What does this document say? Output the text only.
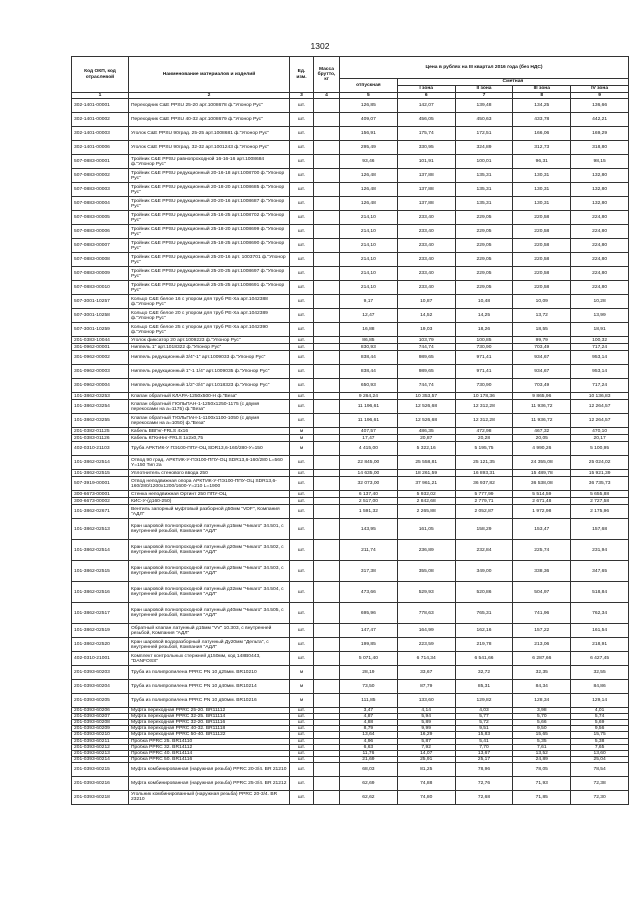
1302
Код ОКП, код отраслевой	Наименование материалов и изделий	Ед. изм.	Масса брутто, кг	Цена в рублях на III квартал 2016 года (без НДС)				
				отпускная	Сметная			
					I зона	II зона	III зона	IV зона
1	2	3	4	5	6	7	8	9
302-1401-00001	Переходник C&E PPSU 25-20 арт.1008678 ф."Упонор Рус"	шт.		126,85	142,07	139,48	134,25	136,66
302-1401-00002	Переходник C&E PPSU 40-32 арт.1008679 ф."Упонор Рус"	шт.		409,07	456,05	450,63	433,78	442,21
302-1401-00003	Уголок C&E PPSU 90град. 25-25 арт.1008681 ф."Упонор Рус"	шт.		156,91	175,74	172,51	166,06	169,29
302-1401-00006	Уголок C&E PPSU 90град. 32-32 арт.1001243 ф."Упонор Рус"	шт.		295,49	330,95	324,89	312,73	318,80
507-0883-00001	Тройник C&E PPSU равнопроходной 16-16-16 арт.1008684 ф."Упонор Рус"	шт.		93,46	101,91	100,01	96,31	98,15
507-0883-00002	Тройник C&E PPSU редукционный 20-16-18 арт.1008700 ф."Упонор Рус"	шт.		126,48	137,88	135,31	130,31	132,80
507-0883-00003	Тройник C&E PPSU редукционный 20-18-20 арт.1008685 ф."Упонор Рус"	шт.		126,48	137,88	135,31	130,31	132,80
507-0883-00004	Тройник C&E PPSU редукционный 20-20-16 арт.1008687 ф."Упонор Рус"	шт.		126,48	137,88	135,31	130,31	132,80
507-0883-00005	Тройник C&E PPSU редукционный 25-16-25 арт.1008702 ф."Упонор Рус"	шт.		214,10	233,40	229,05	220,58	224,80
507-0883-00006	Тройник C&E PPSU редукционный 25-18-20 арт.1008699 ф."Упонор Рус"	шт.		214,10	233,40	229,05	220,58	224,80
507-0883-00007	Тройник C&E PPSU редукционный 25-18-25 арт.1008690 ф."Упонор Рус"	шт.		214,10	233,40	229,05	220,58	224,80
507-0883-00008	Тройник C&E PPSU редукционный 25-20-16 арт. 1003701 ф."Упонор Рус"	шт.		214,10	233,40	229,05	220,58	224,80
507-0883-00009	Тройник C&E PPSU редукционный 25-20-25 арт.1008697 ф."Упонор Рус"	шт.		214,10	233,40	229,05	220,58	224,80
507-0883-00010	Тройник C&E PPSU редукционный 25-25-25 арт.1008691 ф."Упонор Рус"	шт.		214,10	233,40	229,05	220,58	224,80
507-3001-10257	Кольцо C&E белое 16 с упором для труб PE-Xa арт.1042388 ф."Упонор Рус"	шт.		9,17	10,87	10,48	10,09	10,28
507-3001-10258	Кольцо C&E белое 20 с упором для труб PE-Xa арт.1042389 ф."Упонор Рус"	шт.		12,47	14,52	14,25	13,72	13,99
507-3001-10259	Кольцо C&E белое 25 с упором для труб PE-Xa арт.1042390 ф."Упонор Рус"	шт.		16,88	19,03	18,26	18,55	18,91
201-0383-10044	Уголок фиксатор 20 арт.1009223 ф."Упонор Рус"	шт.		86,85	103,79	100,85	99,79	100,32
301-0962-00001	Ниппель 1" арт.1018322 ф."Упонор Рус"	шт.		830,93	744,74	730,90	703,49	717,24
301-0962-00002	Ниппель редукционный 3/4"-1" арт.1009033 ф."Упонор Рус"	шт.		838,44	989,65	971,41	934,67	953,14
301-0962-00003	Ниппель редукционный 1"-1 1/4" арт.1009035 ф."Упонор Рус"	шт.		838,44	989,65	971,41	934,67	953,14
301-0962-00004	Ниппель редукционный 1/2"-3/4" арт.1018323 ф."Упонор Рус"	шт.		650,93	744,74	730,90	703,49	717,24
101-3862-03253	Клапан обратный КЛАРА-1250х500-Н ф."Веза"	шт.		9 264,24	10 353,57	10 178,36	9 865,96	10 136,83
101-3862-03254	Клапан обратный ГЮЛЬПАН-1-1250х1250-1175 (с двумя перекосами на a=1175) ф."Веза"	шт.		11 196,61	12 526,68	12 312,28	11 936,72	12 264,57
101-3862-03255	Клапан обратный ТЮЛЬПАН-1-1100х1100-1050 (с двумя перекосами на a=1050) ф."Веза"	шт.		11 196,61	12 526,68	12 312,28	11 936,72	12 264,57
201-0382-01125	Кабель ВВГнг-FRLS 4х16	м		407,57	486,35	472,98	467,32	470,10
201-0383-01126	Кабель КГКнНнг-FRLS 1х2х0,75	м		17,47	20,87	20,28	20,05	20,17
402-0310-21103	Труба АРКТИК-У ПЭ100-ППУ-ОЦ SDR13,6-160/280-У=150	м		4 415,00	5 322,16	5 195,75	4 990,26	5 100,95
101-3862-02514	Отвод 90 град. АРКТИК-У-ПЭ100-ППУ-ОЦ SDR13,6-160/280 L=560 Y=150 Тип 2а	шт.		22 845,00	25 558,81	25 121,35	24 355,08	25 024,02
101-3862-02515	Уплотнитель стенового ввода 250	шт.		14 635,00	18 261,59	16 893,31	15 489,78	15 921,39
507-3919-00001	Отвод неподвижная опора АРКТИК-У-ПЭ100-ППУ-ОЦ SDR13,6-160/280/1200х1200/1600-Y=210 L=1900	шт.		32 073,00	37 961,21	36 937,82	36 538,08	36 735,73
300-6673-00001	Стенка неподвижная Ортинт 250 ППУ-ОЦ	шт.		6 137,40	5 932,02	5 777,99	5 514,59	5 655,88
300-6673-00002	КИС-У-(д160-250)	шт.		2 517,00	2 842,68	2 779,71	2 671,48	2 727,58
101-3862-02671	Вентиль запорный муфтовый разборной д50мм "VDF", Компания "АДЛ"	шт.		1 591,32	2 265,88	2 052,87	1 972,98	2 175,96
101-3862-02513	Кран шаровой полнопроходной латунный д15мм "Чикаго" 34.501, с внутренней резьбой, Компания "АДЛ"	шт.		143,95	161,05	158,29	153,47	157,68
101-3862-02514	Кран шаровой полнопроходной латунный д20мм "Чикаго" 34.502, с внутренней резьбой, Компания "АДЛ"	шт.		211,74	236,89	232,84	225,74	231,94
101-3862-02515	Кран шаровой полнопроходной латунный д25мм "Чикаго" 34.503, с внутренней резьбой, Компания "АДЛ"	шт.		317,38	355,08	349,00	338,36	347,65
101-3862-02516	Кран шаровой полнопроходной латунный д32мм "Чикаго" 34.504, с внутренней резьбой, Компания "АДЛ"	шт.		473,66	529,93	520,86	504,97	518,84
101-3862-02517	Кран шаровой полнопроходной латунный д40мм "Чикаго" 34.505, с внутренней резьбой, Компания "АДЛ"	шт.		695,96	778,63	765,31	741,96	762,34
101-3862-02519	Обратный клапан латунный д15мм "VV" 10.303, с внутренней резьбой, Компания "АДЛ"	шт.		147,47	164,99	162,16	157,22	161,54
101-3862-02520	Кран шаровой водоразборный латунный Ду20мм "Дельта", с внутренней резьбой, Компания "АДЛ"	шт.		199,85	223,59	219,78	213,06	218,91
402-0310-21001	Комплект контрольных стержней д150мм, код 148B0443, "DANFOSS"	шт.		5 071,40	6 714,34	6 541,66	6 287,66	6 427,45
201-0393-60203	Труба из полипропилена PPRC PN 10 д25мм. BR10210	м		28,19	33,67	32,72	32,35	32,55
201-0393-60204	Труба из полипропилена PPRC PN 10 д40мм. BR10214	м		73,50	87,79	85,31	84,34	84,86
201-0393-60205	Труба из полипропилена PPRC PN 10 д50мм. BR10216	м		111,85	133,60	129,82	128,34	129,14
201-0393-60206	Муфта переходная PPRC 25-20. BR11112	шт.		3,47	4,14	4,03	3,98	4,01
201-0393-60207	Муфта переходная PPRC 32-25. BR11114	шт.		4,87	5,94	5,77	5,70	5,74
201-0393-60208	Муфта переходная PPRC 32-20. BR11116	шт.		4,88	5,89	5,72	5,66	5,69
201-0393-60209	Муфта переходная PPRC 40-32. BR11118	шт.		8,79	9,99	9,51	9,50	9,56
201-0393-60210	Муфта переходная PPRC 50-40. BR11122	шт.		13,64	16,29	15,83	15,65	15,75
201-0393-60211	Пробка PPRC 25. BR14110	шт.		4,96	5,87	5,41	5,35	5,38
201-0393-60212	Пробка PPRC 32. BR14112	шт.		6,63	7,92	7,70	7,61	7,65
201-0393-60213	Пробка PPRC 40. BR14114	шт.		11,76	14,07	13,67	13,52	13,60
201-0393-60214	Пробка PPRC 50. BR14116	шт.		21,69	25,91	25,17	24,89	25,04
201-0393-60215	Муфта комбинированная (наружная резьба) PPRC 20-3/4. BR 21210	шт.		68,03	81,25	78,96	78,05	78,54
201-0393-60216	Муфта комбинированная (наружная резьба) PPRC 25-3/4. BR 21212	шт.		62,69	74,88	72,76	71,93	72,38
201-0393-60218	Угольник комбинированный (наружная резьба) PPRC 20-3/4. BR 23210	шт.		62,62	74,80	72,68	71,85	72,30
